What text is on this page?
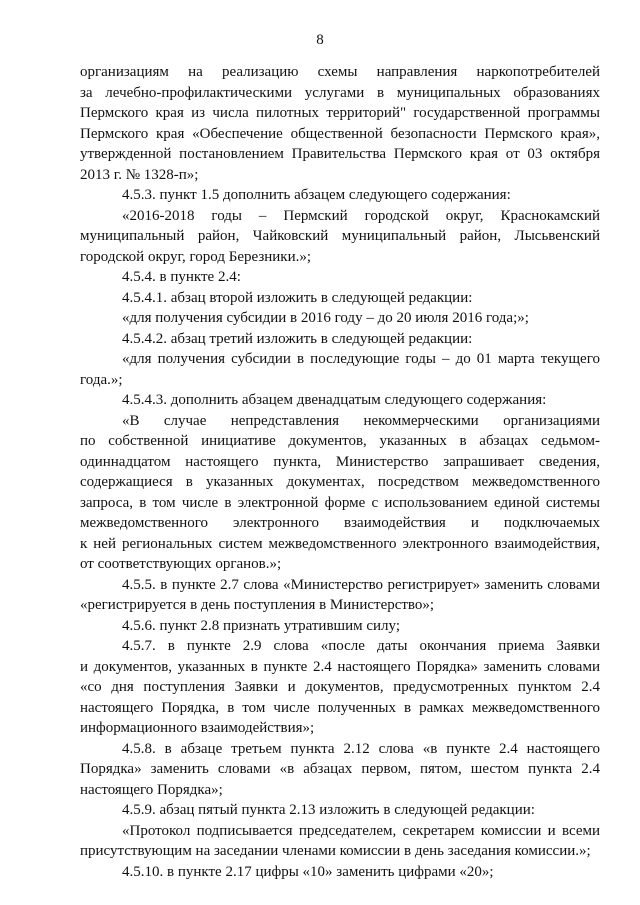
8
организациям на реализацию схемы направления наркопотребителей
за лечебно-профилактическими услугами в муниципальных образованиях
Пермского края из числа пилотных территорий" государственной программы
Пермского края «Обеспечение общественной безопасности Пермского края»,
утвержденной постановлением Правительства Пермского края от 03 октября
2013 г. № 1328-п»;
4.5.3. пункт 1.5 дополнить абзацем следующего содержания:
«2016-2018 годы – Пермский городской округ, Краснокамский
муниципальный район, Чайковский муниципальный район, Лысьвенский
городской округ, город Березники.»;
4.5.4. в пункте 2.4:
4.5.4.1. абзац второй изложить в следующей редакции:
«для получения субсидии в 2016 году – до 20 июля 2016 года;»;
4.5.4.2. абзац третий изложить в следующей редакции:
«для получения субсидии в последующие годы – до 01 марта текущего
года.»;
4.5.4.3. дополнить абзацем двенадцатым следующего содержания:
«В случае непредставления некоммерческими организациями
по собственной инициативе документов, указанных в абзацах седьмом-
одиннадцатом настоящего пункта, Министерство запрашивает сведения,
содержащиеся в указанных документах, посредством межведомственного
запроса, в том числе в электронной форме с использованием единой системы
межведомственного электронного взаимодействия и подключаемых
к ней региональных систем межведомственного электронного взаимодействия,
от соответствующих органов.»;
4.5.5. в пункте 2.7 слова «Министерство регистрирует» заменить словами
«регистрируется в день поступления в Министерство»;
4.5.6. пункт 2.8 признать утратившим силу;
4.5.7. в пункте 2.9 слова «после даты окончания приема Заявки
и документов, указанных в пункте 2.4 настоящего Порядка» заменить словами
«со дня поступления Заявки и документов, предусмотренных пунктом 2.4
настоящего Порядка, в том числе полученных в рамках межведомственного
информационного взаимодействия»;
4.5.8. в абзаце третьем пункта 2.12 слова «в пункте 2.4 настоящего
Порядка» заменить словами «в абзацах первом, пятом, шестом пункта 2.4
настоящего Порядка»;
4.5.9. абзац пятый пункта 2.13 изложить в следующей редакции:
«Протокол подписывается председателем, секретарем комиссии и всеми
присутствующим на заседании членами комиссии в день заседания комиссии.»;
4.5.10. в пункте 2.17 цифры «10» заменить цифрами «20»;
